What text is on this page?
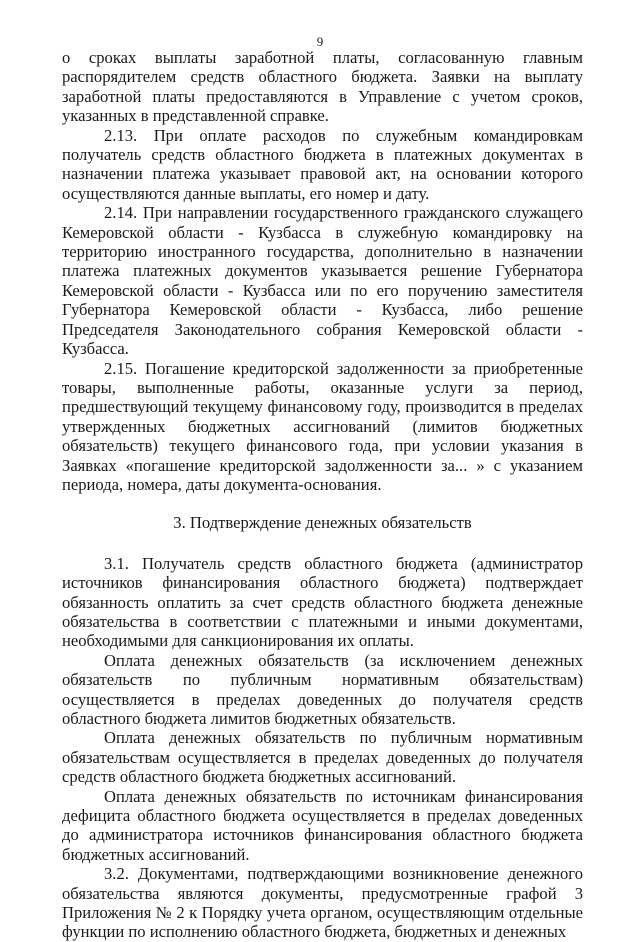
9

о сроках выплаты заработной платы, согласованную главным распорядителем средств областного бюджета. Заявки на выплату заработной платы предоставляются в Управление с учетом сроков, указанных в представленной справке.

2.13. При оплате расходов по служебным командировкам получатель средств областного бюджета в платежных документах в назначении платежа указывает правовой акт, на основании которого осуществляются данные выплаты, его номер и дату.

2.14. При направлении государственного гражданского служащего Кемеровской области - Кузбасса в служебную командировку на территорию иностранного государства, дополнительно в назначении платежа платежных документов указывается решение Губернатора Кемеровской области - Кузбасса или по его поручению заместителя Губернатора Кемеровской области - Кузбасса, либо решение Председателя Законодательного собрания Кемеровской области - Кузбасса.

2.15. Погашение кредиторской задолженности за приобретенные товары, выполненные работы, оказанные услуги за период, предшествующий текущему финансовому году, производится в пределах утвержденных бюджетных ассигнований (лимитов бюджетных обязательств) текущего финансового года, при условии указания в Заявках «погашение кредиторской задолженности за... » с указанием периода, номера, даты документа-основания.

3. Подтверждение денежных обязательств

3.1. Получатель средств областного бюджета (администратор источников финансирования областного бюджета) подтверждает обязанность оплатить за счет средств областного бюджета денежные обязательства в соответствии с платежными и иными документами, необходимыми для санкционирования их оплаты.

Оплата денежных обязательств (за исключением денежных обязательств по публичным нормативным обязательствам) осуществляется в пределах доведенных до получателя средств областного бюджета лимитов бюджетных обязательств.

Оплата денежных обязательств по публичным нормативным обязательствам осуществляется в пределах доведенных до получателя средств областного бюджета бюджетных ассигнований.

Оплата денежных обязательств по источникам финансирования дефицита областного бюджета осуществляется в пределах доведенных до администратора источников финансирования областного бюджета бюджетных ассигнований.

3.2. Документами, подтверждающими возникновение денежного обязательства являются документы, предусмотренные графой 3 Приложения № 2 к Порядку учета органом, осуществляющим отдельные функции по исполнению областного бюджета, бюджетных и денежных
